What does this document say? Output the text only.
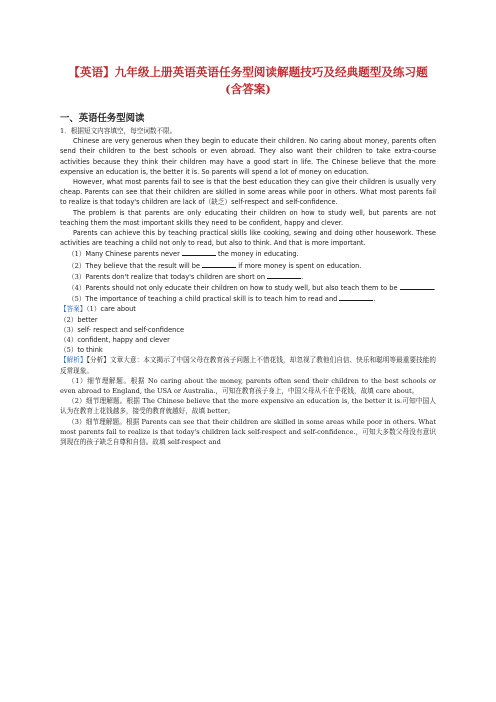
【英语】九年级上册英语英语任务型阅读解题技巧及经典题型及练习题(含答案)
一、英语任务型阅读

1．根据短文内容填空，每空词数不限。

Chinese are very generous when they begin to educate their children. No caring about money, parents often send their children to the best schools or even abroad. They also want their children to take extra-course activities because they think their children may have a good start in life. The Chinese believe that the more expensive an education is, the better it is. So parents will spend a lot of money on education.

However, what most parents fail to see is that the best education they can give their children is usually very cheap. Parents can see that their children are skilled in some areas while poor in others. What most parents fail to realize is that today's children are lack of（缺乏）self-respect and self-confidence.

The problem is that parents are only educating their children on how to study well, but parents are not teaching them the most important skills they need to be confident, happy and clever.

Parents can achieve this by teaching practical skills like cooking, sewing and doing other housework. These activities are teaching a child not only to read, but also to think. And that is more important.

（1）Many Chinese parents never	the money in educating.

（2）They believe that the result will be	if more money is spent on education.

（3）Parents don't realize that today's children are short on	.

（4）Parents should not only educate their children on how to study well, but also teach them to be	.

（5）The importance of teaching a child practical skill is to teach him to read and	.

【答案】（1）care about

（2）better

（3）self- respect and self-confidence

（4）confident, happy and clever

（5）to think

【解析】【分析】文章大意：本文揭示了中国父母在教育孩子问题上不惜花钱，却忽视了教他们自信、快乐和聪明等最重要技能的反常现象。

（1）细节理解题。根据 No caring about the money, parents often send their children to the best schools or even abroad to England, the USA or Australia.，可知在教育孩子身上，中国父母从不在乎花钱，故填 care about。

（2）细节理解题。根据 The Chinese believe that the more expensive an education is, the better it is.可知中国人认为在教育上花钱越多，接受的教育就越好，故填 better。

（3）细节理解题。根据 Parents can see that their children are skilled in some areas while poor in others. What most parents fail to realize is that today's children lack self-respect and self-confidence.，可知大多数父母没有意识到现在的孩子缺乏自尊和自信。故填 self-respect and
